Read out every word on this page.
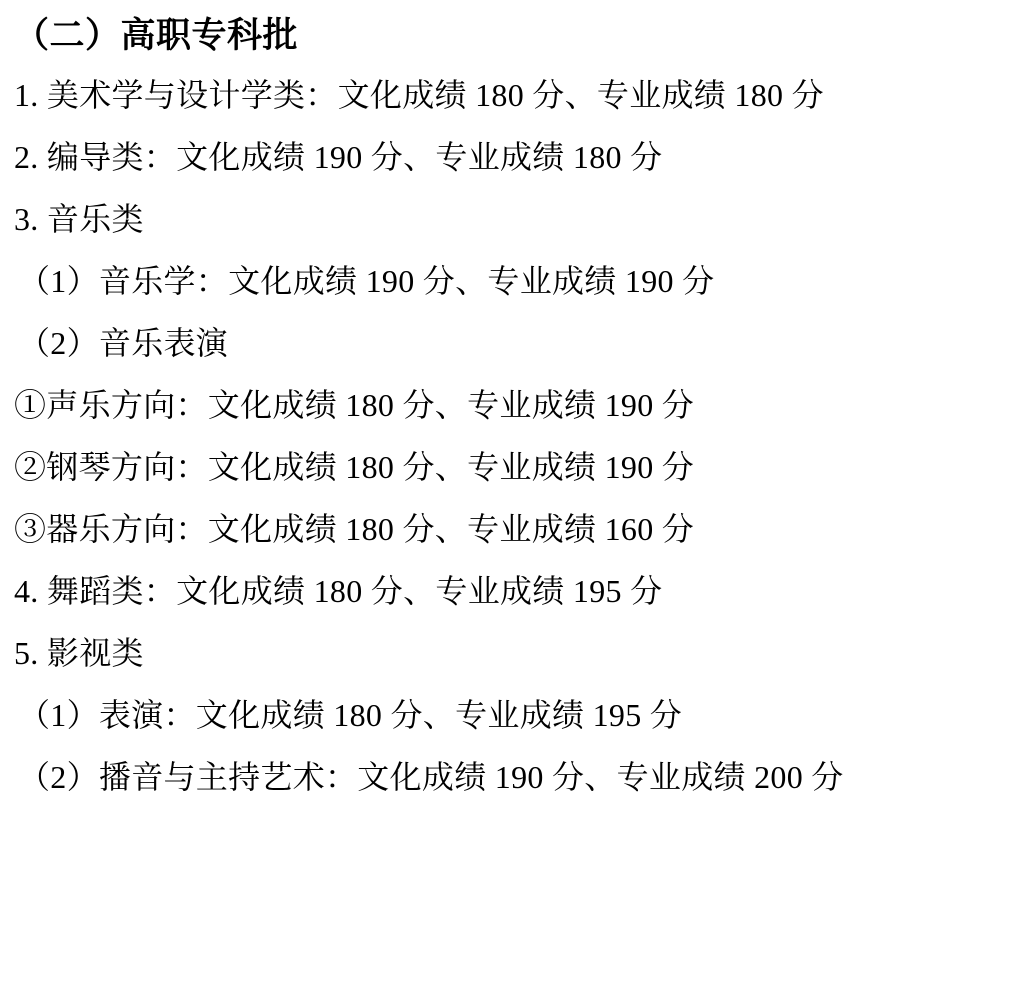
（二）高职专科批
1. 美术学与设计学类：文化成绩 180 分、专业成绩 180 分
2. 编导类：文化成绩 190 分、专业成绩 180 分
3. 音乐类
（1）音乐学：文化成绩 190 分、专业成绩 190 分
（2）音乐表演
①声乐方向：文化成绩 180 分、专业成绩 190 分
②钢琴方向：文化成绩 180 分、专业成绩 190 分
③器乐方向：文化成绩 180 分、专业成绩 160 分
4. 舞蹈类：文化成绩 180 分、专业成绩 195 分
5. 影视类
（1）表演：文化成绩 180 分、专业成绩 195 分
（2）播音与主持艺术：文化成绩 190 分、专业成绩 200 分
